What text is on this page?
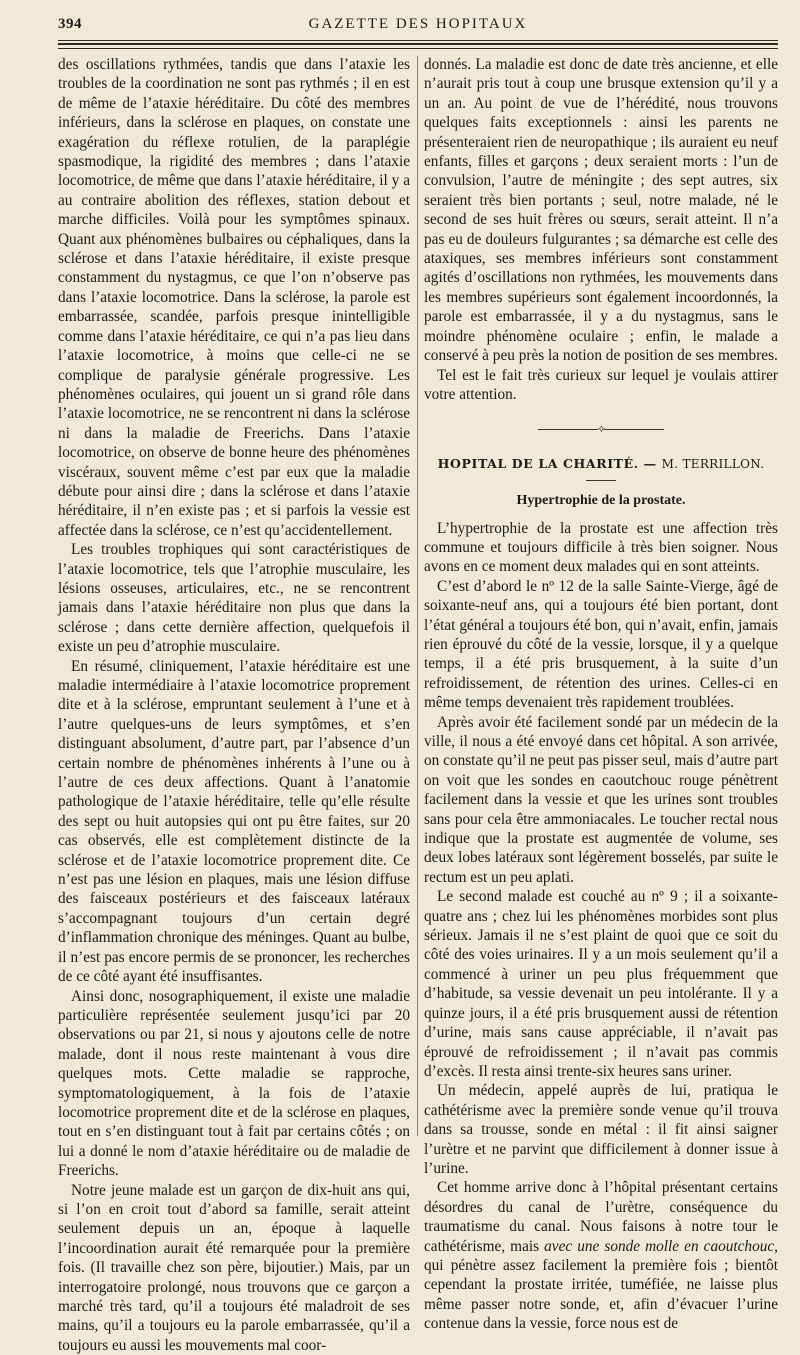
394	GAZETTE DES HOPITAUX

des oscillations rythmées, tandis que dans l’ataxie les troubles de la coordination ne sont pas rythmés ; il en est de même de l’ataxie héréditaire. Du côté des membres inférieurs, dans la sclérose en plaques, on constate une exagération du réflexe rotulien, de la paraplégie spasmodique, la rigidité des membres ; dans l’ataxie locomotrice, de même que dans l’ataxie héréditaire, il y a au contraire abolition des réflexes, station debout et marche difficiles. Voilà pour les symptômes spinaux. Quant aux phénomènes bulbaires ou céphaliques, dans la sclérose et dans l’ataxie héréditaire, il existe presque constamment du nystagmus, ce que l’on n’observe pas dans l’ataxie locomotrice. Dans la sclérose, la parole est embarrassée, scandée, parfois presque inintelligible comme dans l’ataxie héréditaire, ce qui n’a pas lieu dans l’ataxie locomotrice, à moins que celle-ci ne se complique de paralysie générale progressive. Les phénomènes oculaires, qui jouent un si grand rôle dans l’ataxie locomotrice, ne se rencontrent ni dans la sclérose ni dans la maladie de Freerichs. Dans l’ataxie locomotrice, on observe de bonne heure des phénomènes viscéraux, souvent même c’est par eux que la maladie débute pour ainsi dire ; dans la sclérose et dans l’ataxie héréditaire, il n’en existe pas ; et si parfois la vessie est affectée dans la sclérose, ce n’est qu’accidentellement.

Les troubles trophiques qui sont caractéristiques de l’ataxie locomotrice, tels que l’atrophie musculaire, les lésions osseuses, articulaires, etc., ne se rencontrent jamais dans l’ataxie héréditaire non plus que dans la sclérose ; dans cette dernière affection, quelquefois il existe un peu d’atrophie musculaire.

En résumé, cliniquement, l’ataxie héréditaire est une maladie intermédiaire à l’ataxie locomotrice proprement dite et à la sclérose, empruntant seulement à l’une et à l’autre quelques-uns de leurs symptômes, et s’en distinguant absolument, d’autre part, par l’absence d’un certain nombre de phénomènes inhérents à l’une ou à l’autre de ces deux affections. Quant à l’anatomie pathologique de l’ataxie héréditaire, telle qu’elle résulte des sept ou huit autopsies qui ont pu être faites, sur 20 cas observés, elle est complètement distincte de la sclérose et de l’ataxie locomotrice proprement dite. Ce n’est pas une lésion en plaques, mais une lésion diffuse des faisceaux postérieurs et des faisceaux latéraux s’accompagnant toujours d’un certain degré d’inflammation chronique des méninges. Quant au bulbe, il n’est pas encore permis de se prononcer, les recherches de ce côté ayant été insuffisantes.

Ainsi donc, nosographiquement, il existe une maladie particulière représentée seulement jusqu’ici par 20 observations ou par 21, si nous y ajoutons celle de notre malade, dont il nous reste maintenant à vous dire quelques mots. Cette maladie se rapproche, symptomatologiquement, à la fois de l’ataxie locomotrice proprement dite et de la sclérose en plaques, tout en s’en distinguant tout à fait par certains côtés ; on lui a donné le nom d’ataxie héréditaire ou de maladie de Freerichs.

Notre jeune malade est un garçon de dix-huit ans qui, si l’on en croit tout d’abord sa famille, serait atteint seulement depuis un an, époque à laquelle l’incoordination aurait été remarquée pour la première fois. (Il travaille chez son père, bijoutier.) Mais, par un interrogatoire prolongé, nous trouvons que ce garçon a marché très tard, qu’il a toujours été maladroit de ses mains, qu’il a toujours eu la parole embarrassée, qu’il a toujours eu aussi les mouvements mal coor-

donnés. La maladie est donc de date très ancienne, et elle n’aurait pris tout à coup une brusque extension qu’il y a un an. Au point de vue de l’hérédité, nous trouvons quelques faits exceptionnels : ainsi les parents ne présenteraient rien de neuropathique ; ils auraient eu neuf enfants, filles et garçons ; deux seraient morts : l’un de convulsion, l’autre de méningite ; des sept autres, six seraient très bien portants ; seul, notre malade, né le second de ses huit frères ou sœurs, serait atteint. Il n’a pas eu de douleurs fulgurantes ; sa démarche est celle des ataxiques, ses membres inférieurs sont constamment agités d’oscillations non rythmées, les mouvements dans les membres supérieurs sont également incoordonnés, la parole est embarrassée, il y a du nystagmus, sans le moindre phénomène oculaire ; enfin, le malade a conservé à peu près la notion de position de ses membres.

Tel est le fait très curieux sur lequel je voulais attirer votre attention.

⟡
HOPITAL DE LA CHARITÉ. — M. TERRILLON.
Hypertrophie de la prostate.

L’hypertrophie de la prostate est une affection très commune et toujours difficile à très bien soigner. Nous avons en ce moment deux malades qui en sont atteints.

C’est d’abord le nº 12 de la salle Sainte-Vierge, âgé de soixante-neuf ans, qui a toujours été bien portant, dont l’état général a toujours été bon, qui n’avait, enfin, jamais rien éprouvé du côté de la vessie, lorsque, il y a quelque temps, il a été pris brusquement, à la suite d’un refroidissement, de rétention des urines. Celles-ci en même temps devenaient très rapidement troublées.

Après avoir été facilement sondé par un médecin de la ville, il nous a été envoyé dans cet hôpital. A son arrivée, on constate qu’il ne peut pas pisser seul, mais d’autre part on voit que les sondes en caoutchouc rouge pénètrent facilement dans la vessie et que les urines sont troubles sans pour cela être ammoniacales. Le toucher rectal nous indique que la prostate est augmentée de volume, ses deux lobes latéraux sont légèrement bosselés, par suite le rectum est un peu aplati.

Le second malade est couché au nº 9 ; il a soixante-quatre ans ; chez lui les phénomènes morbides sont plus sérieux. Jamais il ne s’est plaint de quoi que ce soit du côté des voies urinaires. Il y a un mois seulement qu’il a commencé à uriner un peu plus fréquemment que d’habitude, sa vessie devenait un peu intolérante. Il y a quinze jours, il a été pris brusquement aussi de rétention d’urine, mais sans cause appréciable, il n’avait pas éprouvé de refroidissement ; il n’avait pas commis d’excès. Il resta ainsi trente-six heures sans uriner.

Un médecin, appelé auprès de lui, pratiqua le cathétérisme avec la première sonde venue qu’il trouva dans sa trousse, sonde en métal : il fit ainsi saigner l’urètre et ne parvint que difficilement à donner issue à l’urine.

Cet homme arrive donc à l’hôpital présentant certains désordres du canal de l’urètre, conséquence du traumatisme du canal. Nous faisons à notre tour le cathétérisme, mais avec une sonde molle en caoutchouc, qui pénètre assez facilement la première fois ; bientôt cependant la prostate irritée, tuméfiée, ne laisse plus même passer notre sonde, et, afin d’évacuer l’urine contenue dans la vessie, force nous est de
